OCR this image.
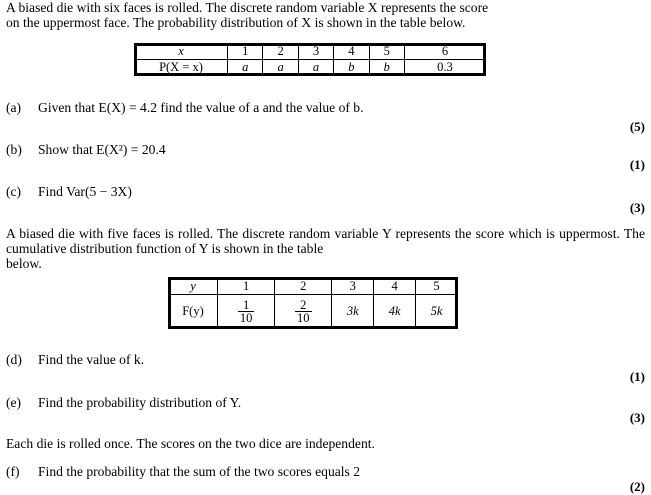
A biased die with six faces is rolled. The discrete random variable X represents the score
on the uppermost face. The probability distribution of X is shown in the table below.
x	1	2	3	4	5	6
P(X = x)	a	a	a	b	b	0.3
(a) Given that E(X) = 4.2 find the value of a and the value of b.
(5)
(b) Show that E(X²) = 20.4
(1)
(c) Find Var(5 − 3X)
(3)
A biased die with five faces is rolled. The discrete random variable Y represents the score which is uppermost. The cumulative distribution function of Y is shown in the table
below.
y	1	2	3	4	5
F(y)	$\frac{1}{10}$	$\frac{2}{10}$	3k	4k	5k
(d) Find the value of k.
(1)
(e) Find the probability distribution of Y.
(3)
Each die is rolled once. The scores on the two dice are independent.
(f) Find the probability that the sum of the two scores equals 2
(2)
